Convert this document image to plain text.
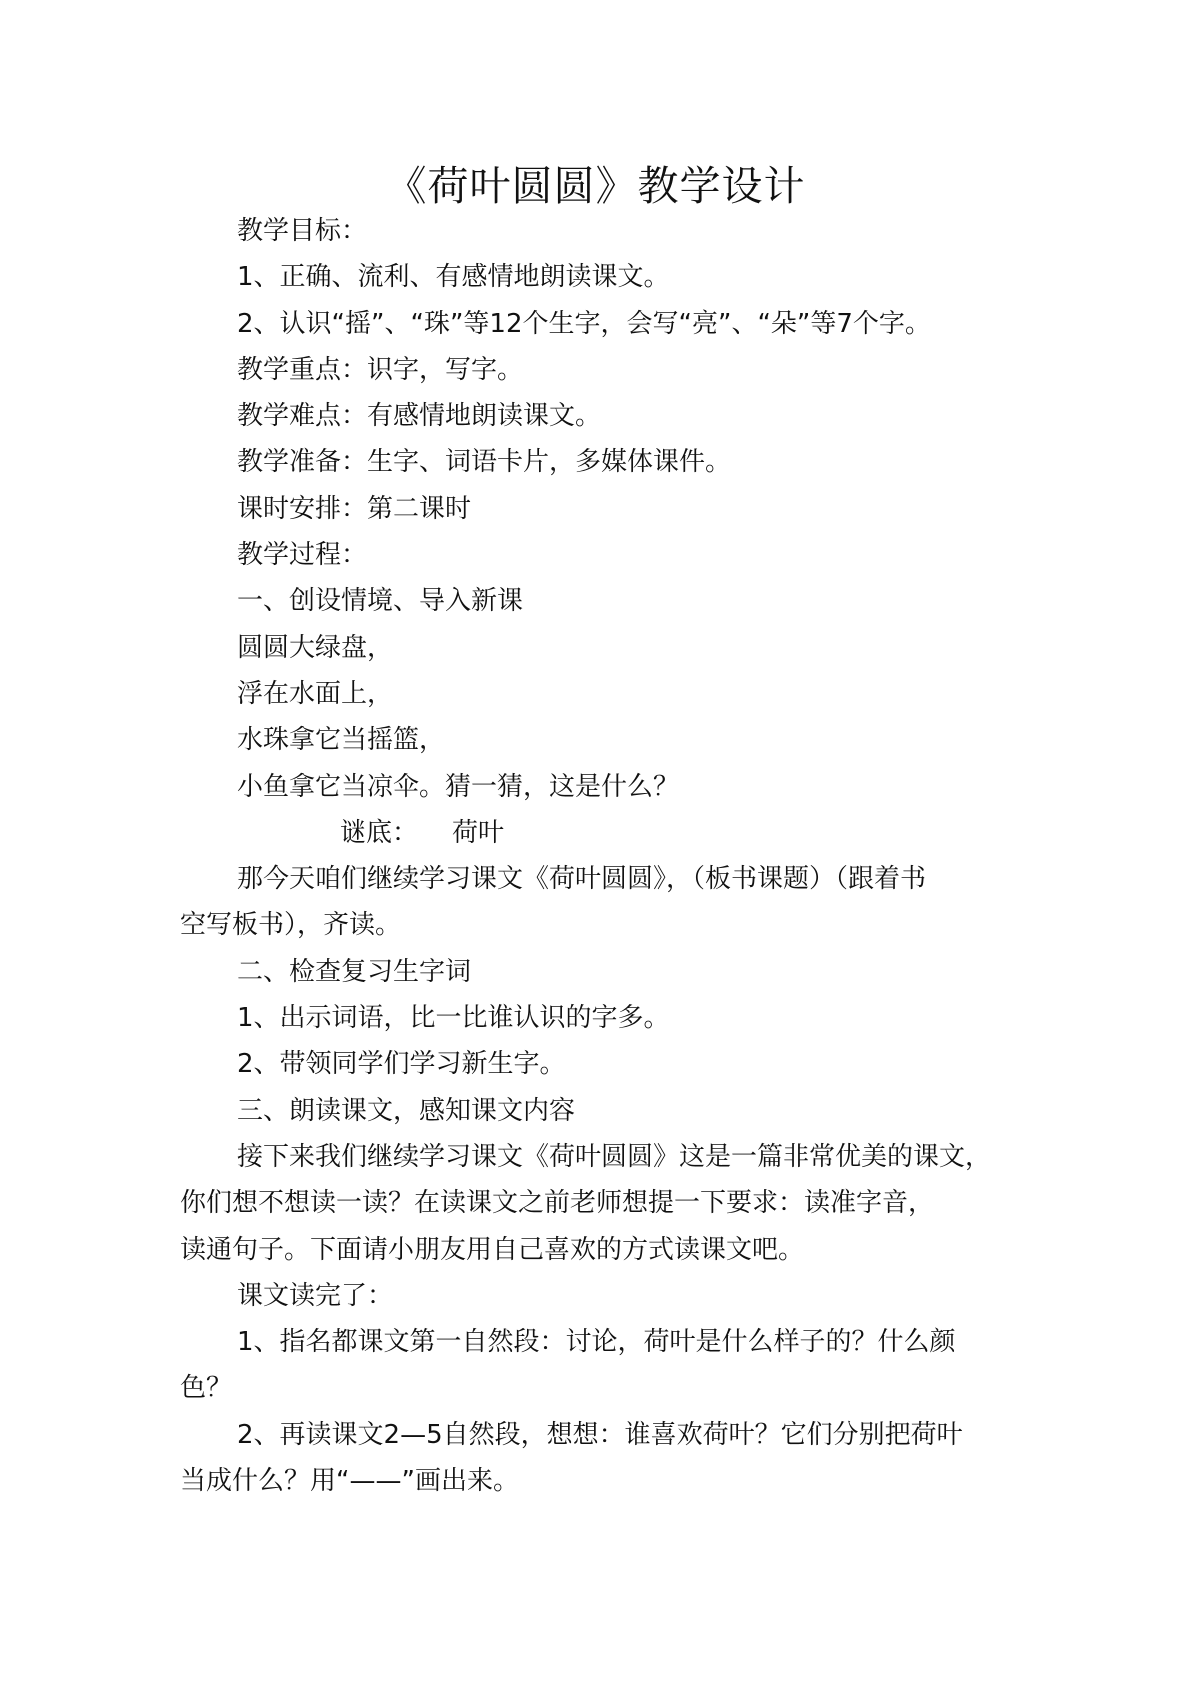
《荷叶圆圆》教学设计
教学目标：
1、正确、流利、有感情地朗读课文。
2、认识“摇”、“珠”等12个生字，会写“亮”、“朵”等7个字。
教学重点：识字，写字。
教学难点：有感情地朗读课文。
教学准备：生字、词语卡片，多媒体课件。
课时安排：第二课时
教学过程：
一、创设情境、导入新课
圆圆大绿盘，
浮在水面上，
水珠拿它当摇篮，
小鱼拿它当凉伞。猜一猜，这是什么？
谜底： 荷叶
那今天咱们继续学习课文《荷叶圆圆》，（板书课题）（跟着书
空写板书），齐读。
二、检查复习生字词
1、出示词语，比一比谁认识的字多。
2、带领同学们学习新生字。
三、朗读课文，感知课文内容
接下来我们继续学习课文《荷叶圆圆》这是一篇非常优美的课文，
你们想不想读一读？在读课文之前老师想提一下要求：读准字音，
读通句子。下面请小朋友用自己喜欢的方式读课文吧。
课文读完了：
1、指名都课文第一自然段：讨论，荷叶是什么样子的？什么颜
色？
2、再读课文2—5自然段，想想：谁喜欢荷叶？它们分别把荷叶
当成什么？用“——”画出来。
